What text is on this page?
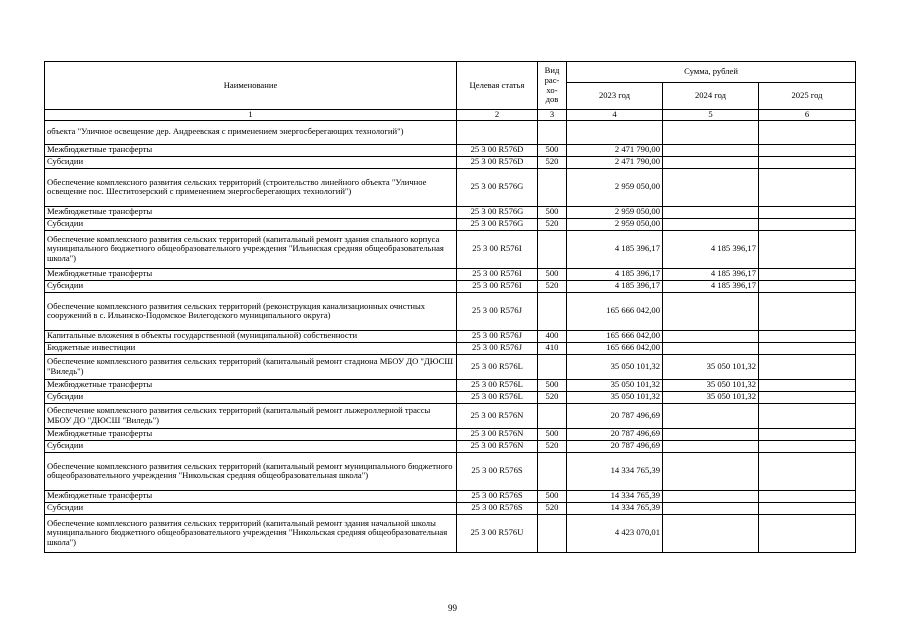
Наименование	Целевая статья	Вид рас- хо- дов	Сумма, рублей		
			2023 год	2024 год	2025 год
1	2	3	4	5	6
объекта "Уличное освещение дер. Андреевская с применением энергосберегающих технологий")					
Межбюджетные трансферты	25 3 00 R576D	500	2 471 790,00		
Субсидии	25 3 00 R576D	520	2 471 790,00		
Обеспечение комплексного развития сельских территорий (строительство линейного объекта "Уличное освещение пос. Шеститозерский с применением энергосберегающих технологий")	25 3 00 R576G		2 959 050,00		
Межбюджетные трансферты	25 3 00 R576G	500	2 959 050,00		
Субсидии	25 3 00 R576G	520	2 959 050,00		
Обеспечение комплексного развития сельских территорий (капитальный ремонт здания спального корпуса муниципального бюджетного общеобразовательного учреждения "Ильинская средняя общеобразовательная школа")	25 3 00 R576I		4 185 396,17	4 185 396,17	
Межбюджетные трансферты	25 3 00 R576I	500	4 185 396,17	4 185 396,17	
Субсидии	25 3 00 R576I	520	4 185 396,17	4 185 396,17	
Обеспечение комплексного развития сельских территорий (реконструкция канализационных очистных сооружений в с. Ильинско-Подомское Вилегодского муниципального округа)	25 3 00 R576J		165 666 042,00		
Капитальные вложения в объекты государственной (муниципальной) собственности	25 3 00 R576J	400	165 666 042,00		
Бюджетные инвестиции	25 3 00 R576J	410	165 666 042,00		
Обеспечение комплексного развития сельских территорий (капитальный ремонт стадиона МБОУ ДО "ДЮСШ "Виледь")	25 3 00 R576L		35 050 101,32	35 050 101,32	
Межбюджетные трансферты	25 3 00 R576L	500	35 050 101,32	35 050 101,32	
Субсидии	25 3 00 R576L	520	35 050 101,32	35 050 101,32	
Обеспечение комплексного развития сельских территорий (капитальный ремонт лыжероллерной трассы МБОУ ДО "ДЮСШ "Виледь")	25 3 00 R576N		20 787 496,69		
Межбюджетные трансферты	25 3 00 R576N	500	20 787 496,69		
Субсидии	25 3 00 R576N	520	20 787 496,69		
Обеспечение комплексного развития сельских территорий (капитальный ремонт муниципального бюджетного общеобразовательного учреждения "Никольская средняя общеобразовательная школа")	25 3 00 R576S		14 334 765,39		
Межбюджетные трансферты	25 3 00 R576S	500	14 334 765,39		
Субсидии	25 3 00 R576S	520	14 334 765,39		
Обеспечение комплексного развития сельских территорий (капитальный ремонт здания начальной школы муниципального бюджетного общеобразовательного учреждения "Никольская средняя общеобразовательная школа")	25 3 00 R576U		4 423 070,01		
99
